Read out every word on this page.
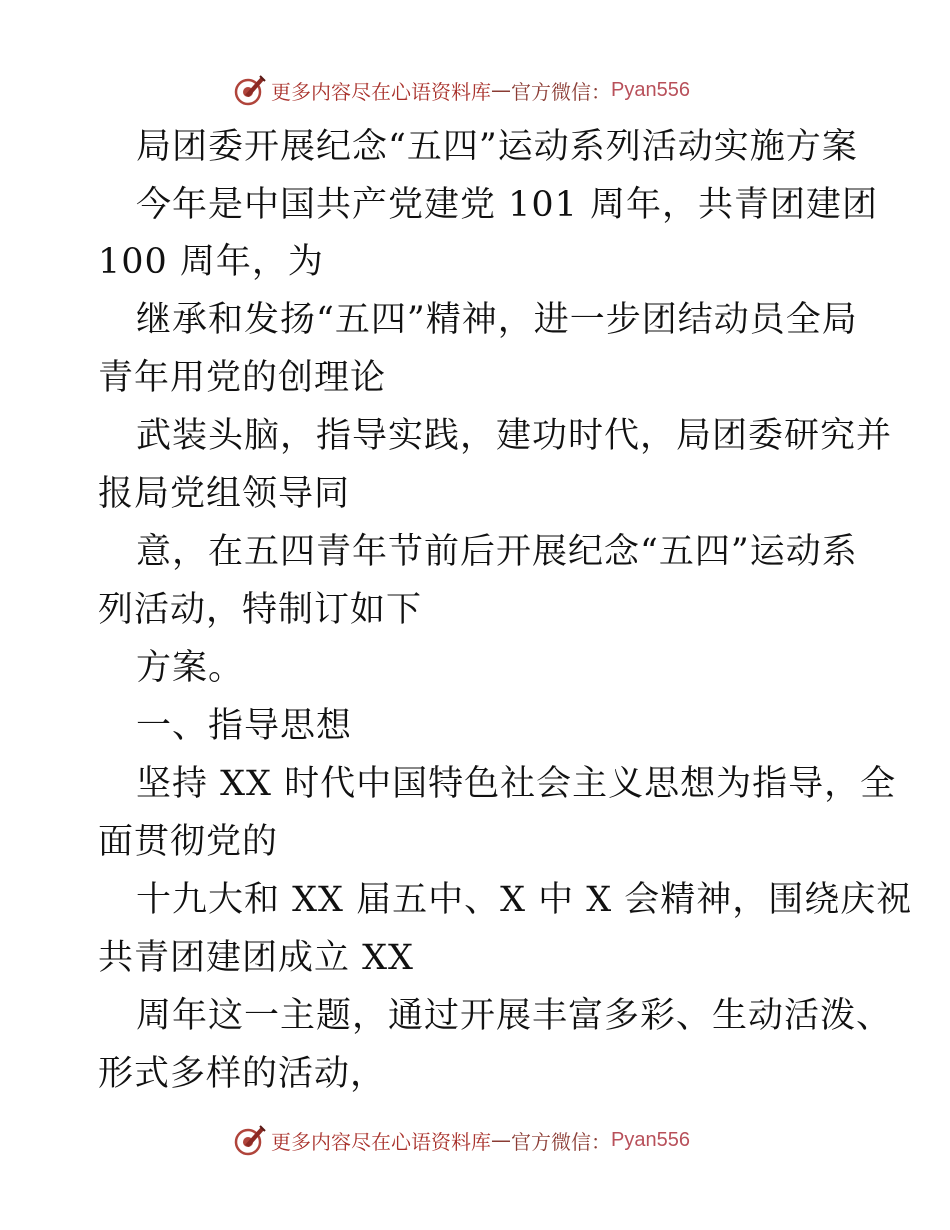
更多内容尽在心语资料库 — 官方微信： Pyan556
局团委开展纪念“五四”运动系列活动实施方案
今年是中国共产党建党 101 周年，共青团建团
100 周年，为
继承和发扬“五四”精神，进一步团结动员全局
青年用党的创理论
武装头脑，指导实践，建功时代，局团委研究并
报局党组领导同
意，在五四青年节前后开展纪念“五四”运动系
列活动，特制订如下
方案。
一、指导思想
坚持 XX 时代中国特色社会主义思想为指导，全
面贯彻党的
十九大和 XX 届五中、X 中 X 会精神，围绕庆祝
共青团建团成立 XX
周年这一主题，通过开展丰富多彩、生动活泼、
形式多样的活动，
更多内容尽在心语资料库 — 官方微信： Pyan556
